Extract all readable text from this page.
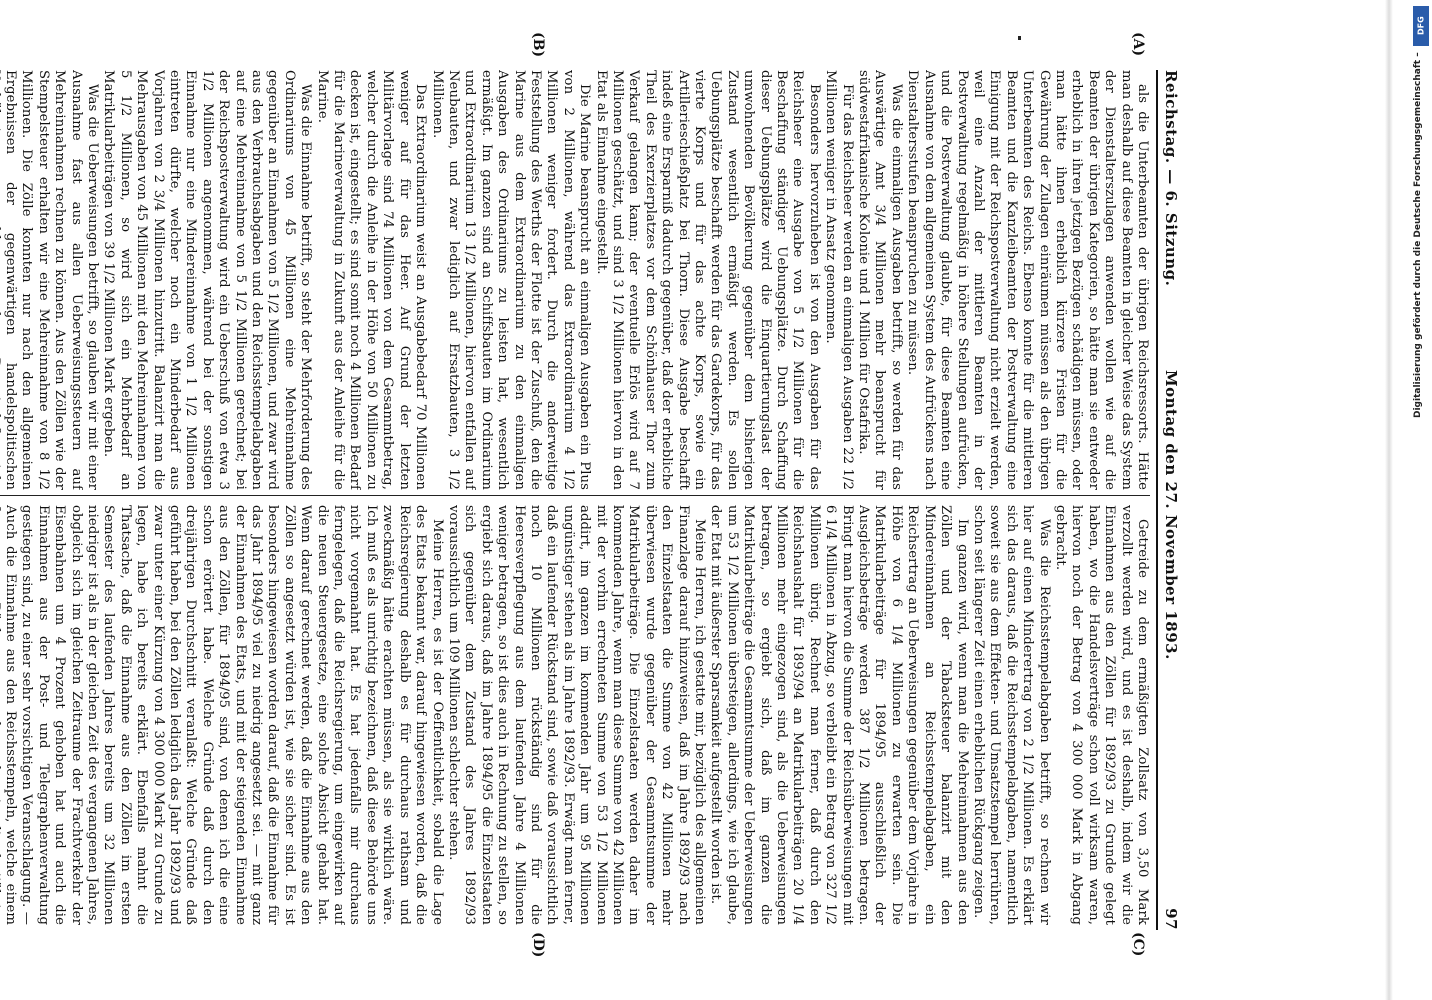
Reichstag. — 6. Sitzung.
Montag den 27. November 1893.
97

als die Unterbeamten der übrigen Reichsressorts. Hätte man deshalb auf diese Beamten in gleicher Weise das System der Dienstalterszulagen anwenden wollen wie auf die Beamten der übrigen Kategorien, so hätte man sie entweder erheblich in ihren jetzigen Bezügen schädigen müssen, oder man hätte ihnen erheblich kürzere Fristen für die Gewährung der Zulagen einräumen müssen als den übrigen Unterbeamten des Reichs. Ebenso konnte für die mittleren Beamten und die Kanzleibeamten der Postverwaltung eine Einigung mit der Reichspostverwaltung nicht erzielt werden, weil eine Anzahl der mittleren Beamten in der Postverwaltung regelmäßig in höhere Stellungen aufrücken, und die Postverwaltung glaubte, für diese Beamten eine Ausnahme von dem allgemeinen System des Aufrückens nach Dienstaltersstufen beanspruchen zu müssen.

Was die einmaligen Ausgaben betrifft, so werden für das Auswärtige Amt 3/4 Millionen mehr beansprucht für südwestafrikanische Kolonie und 1 Million für Ostafrika.

Für das Reichsheer werden an einmaligen Ausgaben 22 1/2 Millionen weniger in Ansatz genommen.

Besonders hervorzuheben ist von den Ausgaben für das Reichsheer eine Ausgabe von 5 1/2 Millionen für die Beschaffung ständiger Uebungsplätze. Durch Schaffung dieser Uebungsplätze wird die Einquartierungslast der umwohnenden Bevölkerung gegenüber dem bisherigen Zustand wesentlich ermäßigt werden. Es sollen Uebungsplätze beschafft werden für das Gardekorps, für das vierte Korps und für das achte Korps, sowie ein Artillerieschießplatz bei Thorn. Diese Ausgabe beschafft indeß eine Ersparniß dadurch gegenüber, daß der erhebliche Theil des Exerzierplatzes vor dem Schönhauser Thor zum Verkauf gelangen kann; der eventuelle Erlös wird auf 7 Millionen geschätzt, und sind 3 1/2 Millionen hiervon in den Etat als Einnahme eingestellt.

Die Marine beansprucht an einmaligen Ausgaben ein Plus von 2 Millionen, während das Extraordinarium 4 1/2 Millionen weniger fordert. Durch die anderweitige Feststellung des Werths der Flotte ist der Zuschuß, den die Marine aus dem Extraordinarium zu den einmaligen Ausgaben des Ordinariums zu leisten hat, wesentlich ermäßigt. Im ganzen sind an Schiffsbauten im Ordinarium und Extraordinarium 13 1/2 Millionen, hiervon entfallen auf Neubauten, und zwar lediglich auf Ersatzbauten, 3 1/2 Millionen.

Das Extraordinarium weist an Ausgabebedarf 70 Millionen weniger auf für das Heer. Auf Grund der letzten Militärvorlage sind 74 Millionen von dem Gesammtbetrag, welcher durch die Anleihe in der Höhe von 50 Millionen zu decken ist, eingestellt; es sind somit noch 4 Millionen Bedarf für die Marineverwaltung in Zukunft aus der Anleihe für die Marine.

Was die Einnahme betrifft, so steht der Mehrforderung des Ordinariums von 45 Millionen eine Mehreinnahme gegenüber an Einnahmen von 5 1/2 Millionen, und zwar wird aus den Verbrauchsabgaben und den Reichsstempelabgaben auf eine Mehreinnahme von 5 1/2 Millionen gerechnet; bei der Reichspostverwaltung wird ein Ueberschuß von etwa 3 1/2 Millionen angenommen, während bei der sonstigen Einnahme nur eine Mindereinnahme von 1 1/2 Millionen eintreten dürfte, welcher noch ein Minderbedarf aus Vorjahren von 2 3/4 Millionen hinzutritt. Balanzirt man die Mehrausgaben von 45 Millionen mit den Mehreinnahmen von 5 1/2 Millionen, so wird sich ein Mehrbedarf an Matrikularbeiträgen von 39 1/2 Millionen Mark ergeben.

Was die Ueberweisungen betrifft, so glauben wir mit einer Ausnahme fast aus allen Ueberweisungssteuern auf Mehreinnahmen rechnen zu können. Aus den Zöllen wie der Stempelsteuer erhalten wir eine Mehreinnahme von 8 1/2 Millionen. Die Zölle konnten nur nach den allgemeinen Ergebnissen der gegenwärtigen handelspolitischen

Getreide zu dem ermäßigten Zollsatz von 3,50 Mark verzollt werden wird, und es ist deshalb, indem wir die Einnahmen aus den Zöllen für 1892/93 zu Grunde gelegt haben, wo die Handelsverträge schon voll wirksam waren, hiervon noch der Betrag von 4 300 000 Mark in Abgang gebracht.

Was die Reichsstempelabgaben betrifft, so rechnen wir hier auf einen Minderertrag von 2 1/2 Millionen. Es erklärt sich das daraus, daß die Reichsstempelabgaben, namentlich soweit sie aus dem Effekten- und Umsatzstempel herrühren, schon seit längerer Zeit einen erheblichen Rückgang zeigen.

Im ganzen wird, wenn man die Mehreinnahmen aus den Zöllen und der Tabacksteuer balanzirt mit den Mindereinnahmen an Reichsstempelabgaben, ein Reichsertrag an Ueberweisungen gegenüber dem Vorjahre in Höhe von 6 1/4 Millionen zu erwarten sein. Die Matrikularbeiträge für 1894/95 ausschließlich der Ausgleichsbeträge werden 387 1/2 Millionen betragen. Bringt man hiervon die Summe der Reichsüberweisungen mit 6 1/4 Millionen in Abzug, so verbleibt ein Betrag von 327 1/2 Millionen übrig. Rechnet man ferner, daß durch den Reichshaushalt für 1893/94 an Matrikularbeiträgen 20 1/4 Millionen mehr eingezogen sind, als die Ueberweisungen betragen, so ergiebt sich, daß im ganzen die Matrikularbeiträge die Gesammtsumme der Ueberweisungen um 53 1/2 Millionen übersteigen, allerdings, wie ich glaube, der Etat mit äußerster Sparsamkeit aufgestellt worden ist.

Meine Herren, ich gestatte mir, bezüglich des allgemeinen Finanzlage darauf hinzuweisen, daß im Jahre 1892/93 nach den Einzelstaaten die Summe von 42 Millionen mehr überwiesen wurde gegenüber der Gesammtsumme der Matrikularbeiträge. Die Einzelstaaten werden daher im kommenden Jahre, wenn man diese Summe von 42 Millionen mit der vorhin errechneten Summe von 53 1/2 Millionen addirt, im ganzen im kommenden Jahr um 95 Millionen ungünstiger stehen als im Jahre 1892/93. Erwägt man ferner, daß ein laufender Rückstand sind, sowie daß voraussichtlich noch 10 Millionen rückständig sind für die Heeresverpflegung aus dem laufenden Jahre 4 Millionen weniger betragen, so ist dies auch in Rechnung zu stellen, so ergiebt sich daraus, daß im Jahre 1894/95 die Einzelstaaten sich gegenüber dem Zustand des Jahres 1892/93 voraussichtlich um 109 Millionen schlechter stehen.

Meine Herren, es ist der Oeffentlichkeit, sobald die Lage des Etats bekannt war, darauf hingewiesen worden, daß die Reichsregierung deshalb es für durchaus rathsam und zweckmäßig hätte erachten müssen, als sie wirklich wäre. Ich muß es als unrichtig bezeichnen, daß diese Behörde uns nicht vorgemahnt hat. Es hat jedenfalls mir durchaus ferngelegen, daß die Reichsregierung, um eingewirken auf die neuen Steuergesetze, eine solche Absicht gehabt hat. Wenn darauf gerechnet werden, daß die Einnahme aus den Zöllen so angesetzt würden ist, wie sie sicher sind. Es ist besonders hingewiesen worden darauf, daß die Einnahme für das Jahr 1894/95 viel zu niedrig angesetzt sei. — mit ganz der Einnahmen des Etats, und mit der steigenden Einnahme aus den Zöllen, für 1894/95 sind, von denen ich die eine schon erörtert habe. Welche Gründe daß durch den dreijährigen Durchschnitt veranlaßt: Welche Gründe daß geführt haben, bei den Zöllen lediglich das Jahr 1892/93 und zwar unter einer Kürzung von 4 300 000 Mark zu Grunde zu legen, habe ich bereits erklärt. Ebenfalls mahnt die Thatsache, daß die Einnahme aus den Zöllen im ersten Semester des laufenden Jahres bereits um 32 Millionen niedriger ist als in der gleichen Zeit des vergangenen Jahres, obgleich sich im gleichen Zeitraume der Frachtverkehr der Eisenbahnen um 4 Prozent gehoben hat und auch die Einnahmen aus der Post- und Telegraphenverwaltung gestiegen sind, zu einer sehr vorsichtigen Veranschlagung. — Auch die Einnahme aus den Reichsstempeln, welche einem

(A)
(B)
(C)
(D)
DFG
Digitalisierung gefördert durch die Deutsche Forschungsgemeinschaft –
